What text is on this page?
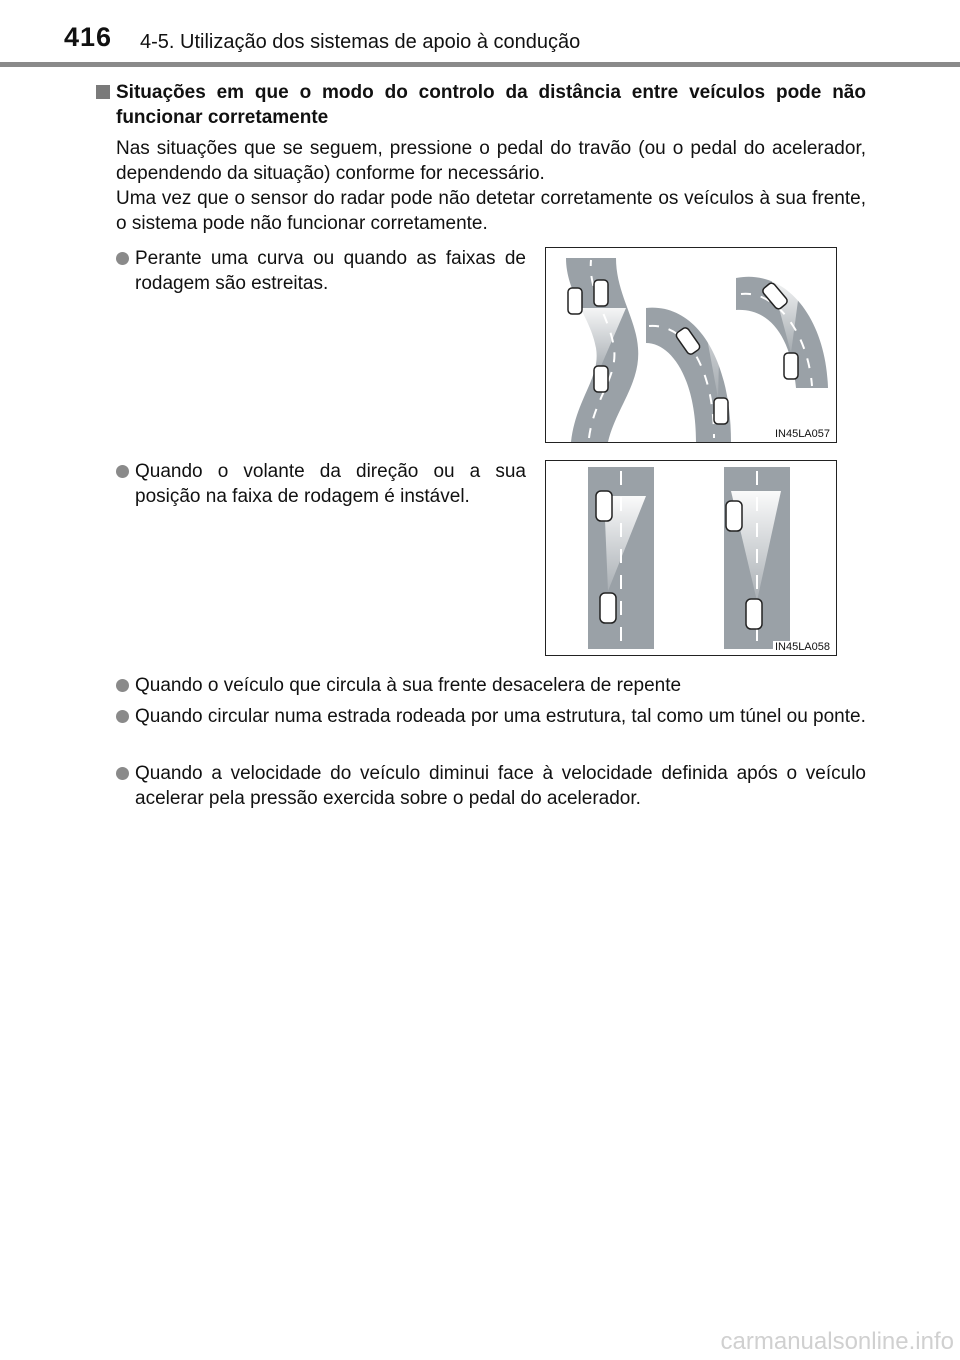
416 4-5. Utilização dos sistemas de apoio à condução
Situações em que o modo do controlo da distância entre veículos pode não funcionar corretamente
Nas situações que se seguem, pressione o pedal do travão (ou o pedal do acelerador, dependendo da situação) conforme for necessário.
Uma vez que o sensor do radar pode não detetar corretamente os veículos à sua frente, o sistema pode não funcionar corretamente.
Perante uma curva ou quando as faixas de rodagem são estreitas.
IN45LA057
Quando o volante da direção ou a sua posição na faixa de rodagem é instável.
IN45LA058
Quando o veículo que circula à sua frente desacelera de repente
Quando circular numa estrada rodeada por uma estrutura, tal como um túnel ou ponte.
Quando a velocidade do veículo diminui face à velocidade definida após o veículo acelerar pela pressão exercida sobre o pedal do acelerador.
carmanualsonline.info
